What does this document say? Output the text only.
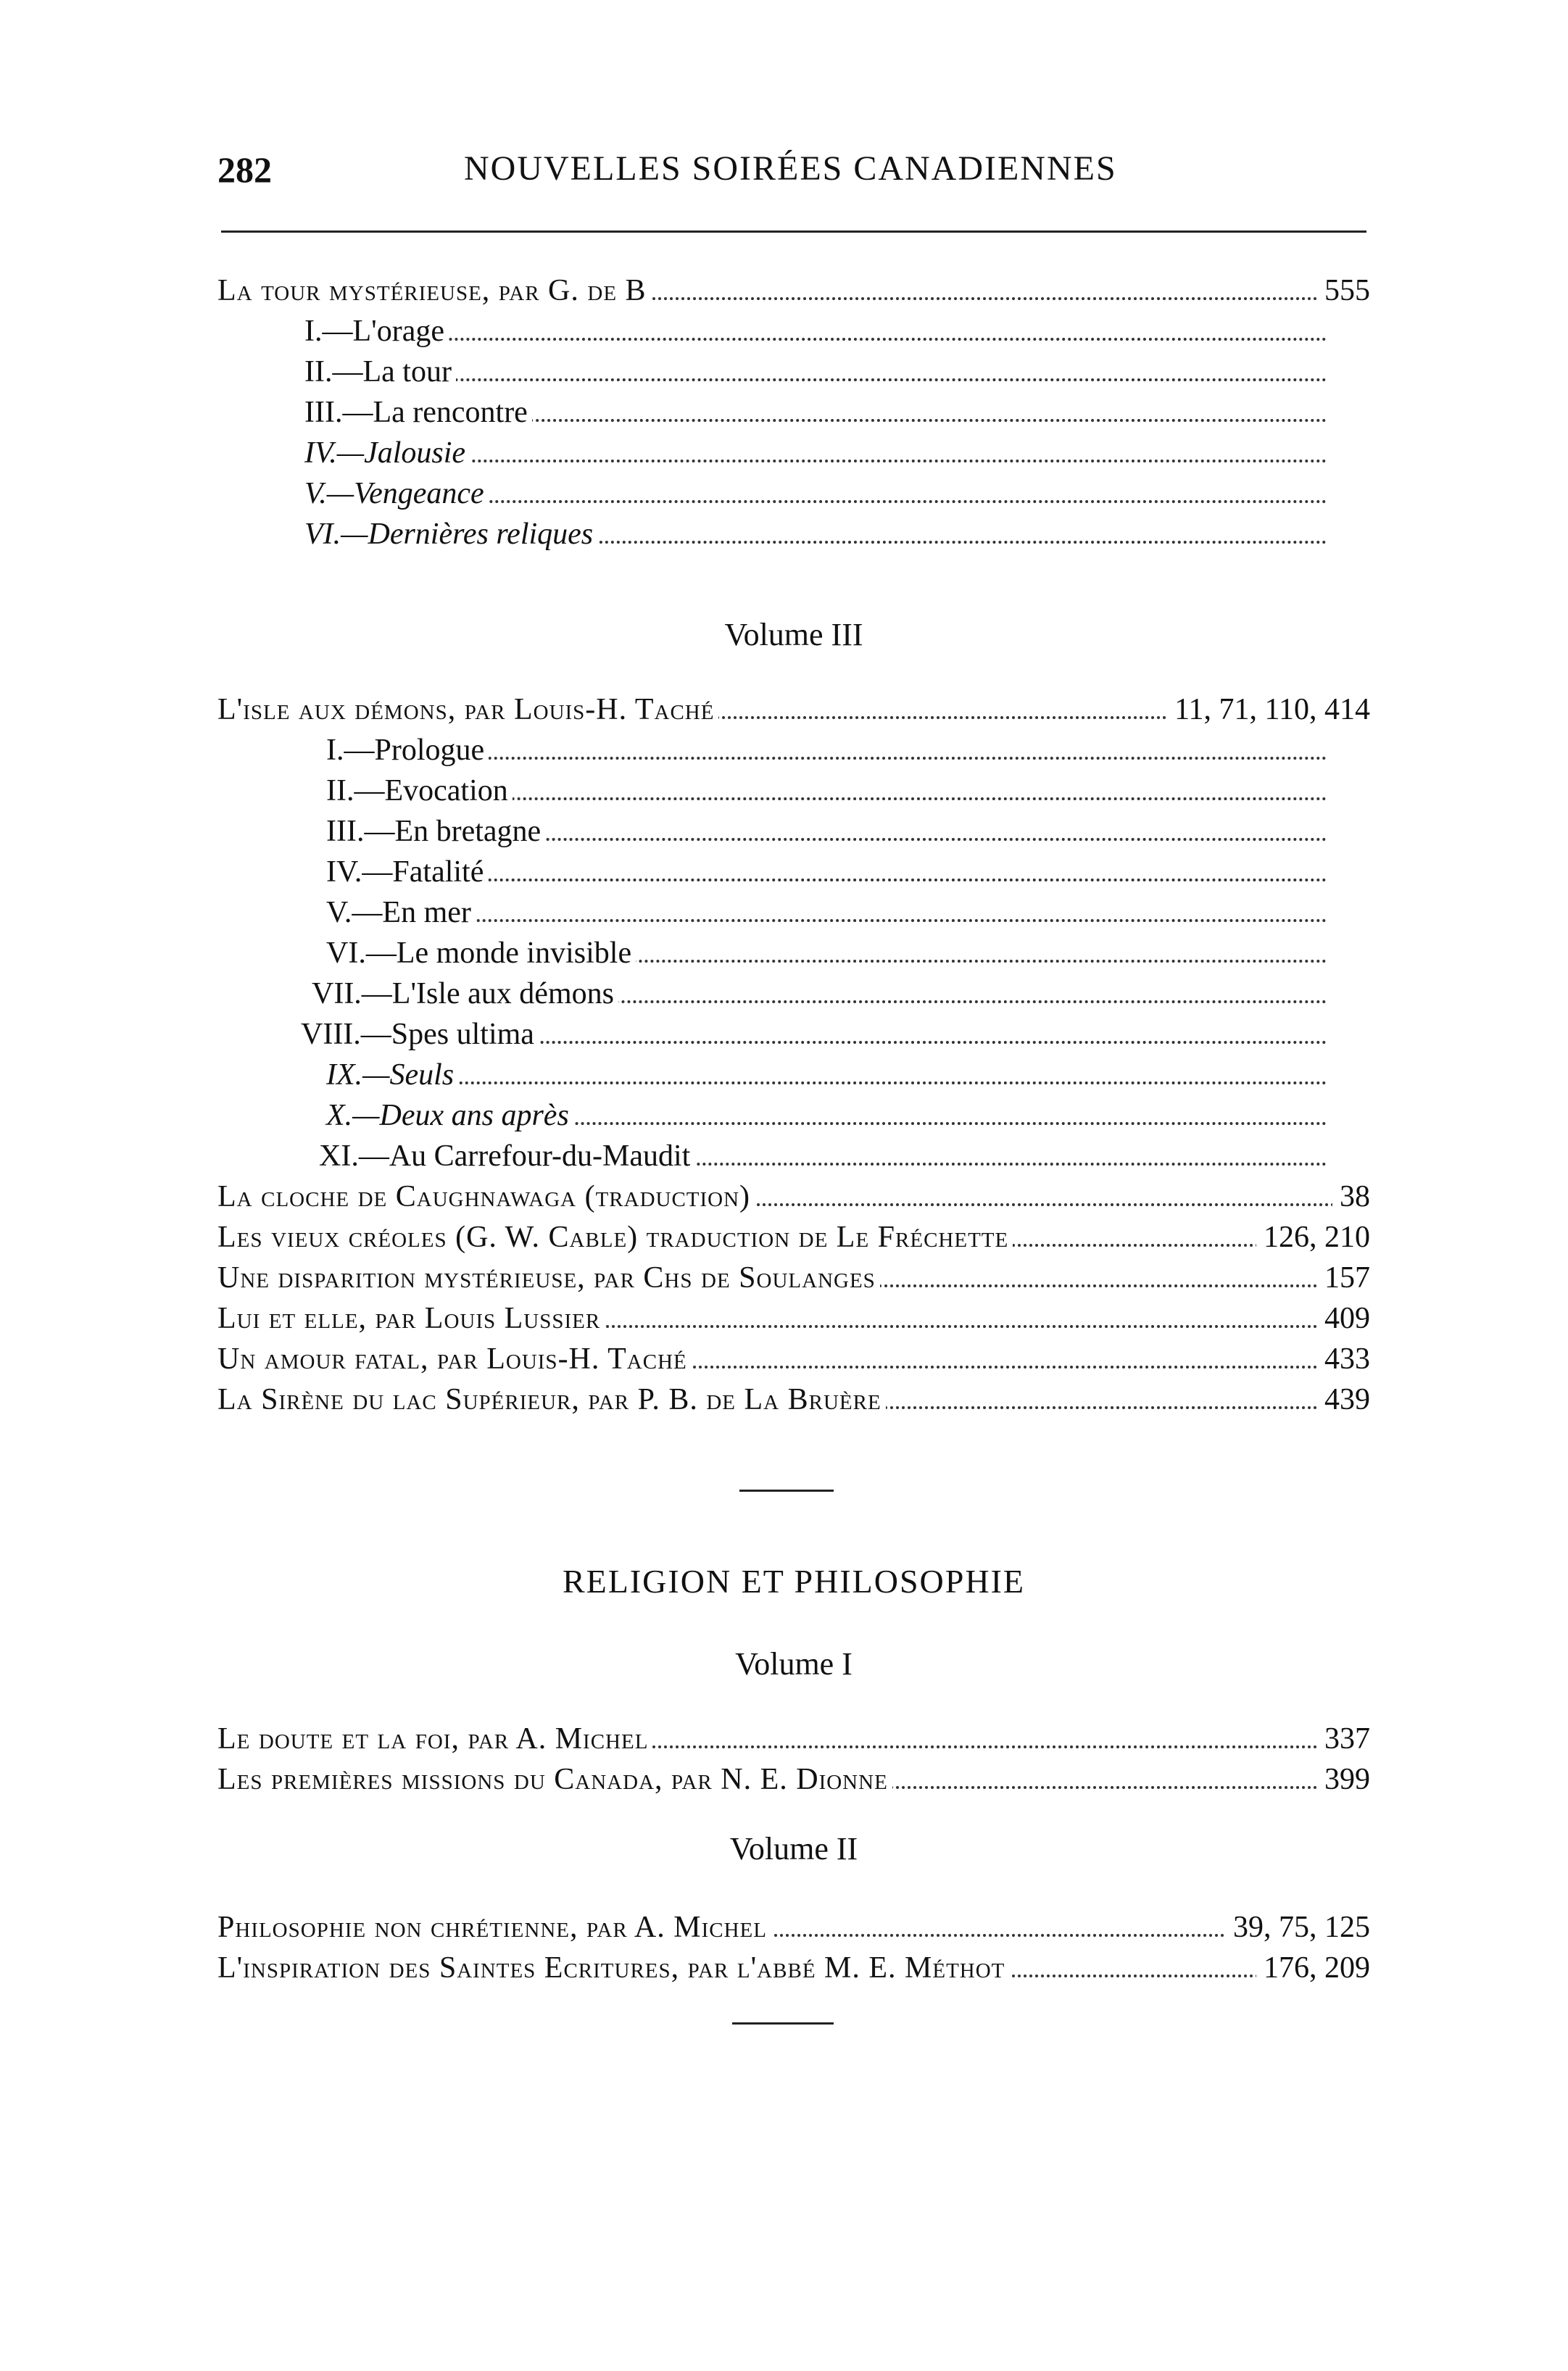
282	NOUVELLES SOIRÉES CANADIENNES
La tour mystérieuse, par G. de B	555
I.—L'orage
II.—La tour
III.—La rencontre
IV.—Jalousie
V.—Vengeance
VI.—Dernières reliques
Volume III
L'isle aux démons, par Louis-H. Taché	11, 71, 110, 414
I.—Prologue
II.—Evocation
III.—En bretagne
IV.—Fatalité
V.—En mer
VI.—Le monde invisible
VII.—L'Isle aux démons
VIII.—Spes ultima
IX.—Seuls
X.—Deux ans après
XI.—Au Carrefour-du-Maudit
La cloche de Caughnawaga (traduction)	38
Les vieux créoles (G. W. Cable) traduction de Le Fréchette	126, 210
Une disparition mystérieuse, par Chs de Soulanges	157
Lui et elle, par Louis Lussier	409
Un amour fatal, par Louis-H. Taché	433
La Sirène du lac Supérieur, par P. B. de La Bruère	439
RELIGION ET PHILOSOPHIE
Volume I
Le doute et la foi, par A. Michel	337
Les premières missions du Canada, par N. E. Dionne	399
Volume II
Philosophie non chrétienne, par A. Michel	39, 75, 125
L'inspiration des Saintes Ecritures, par l'abbé M. E. Méthot	176, 209
